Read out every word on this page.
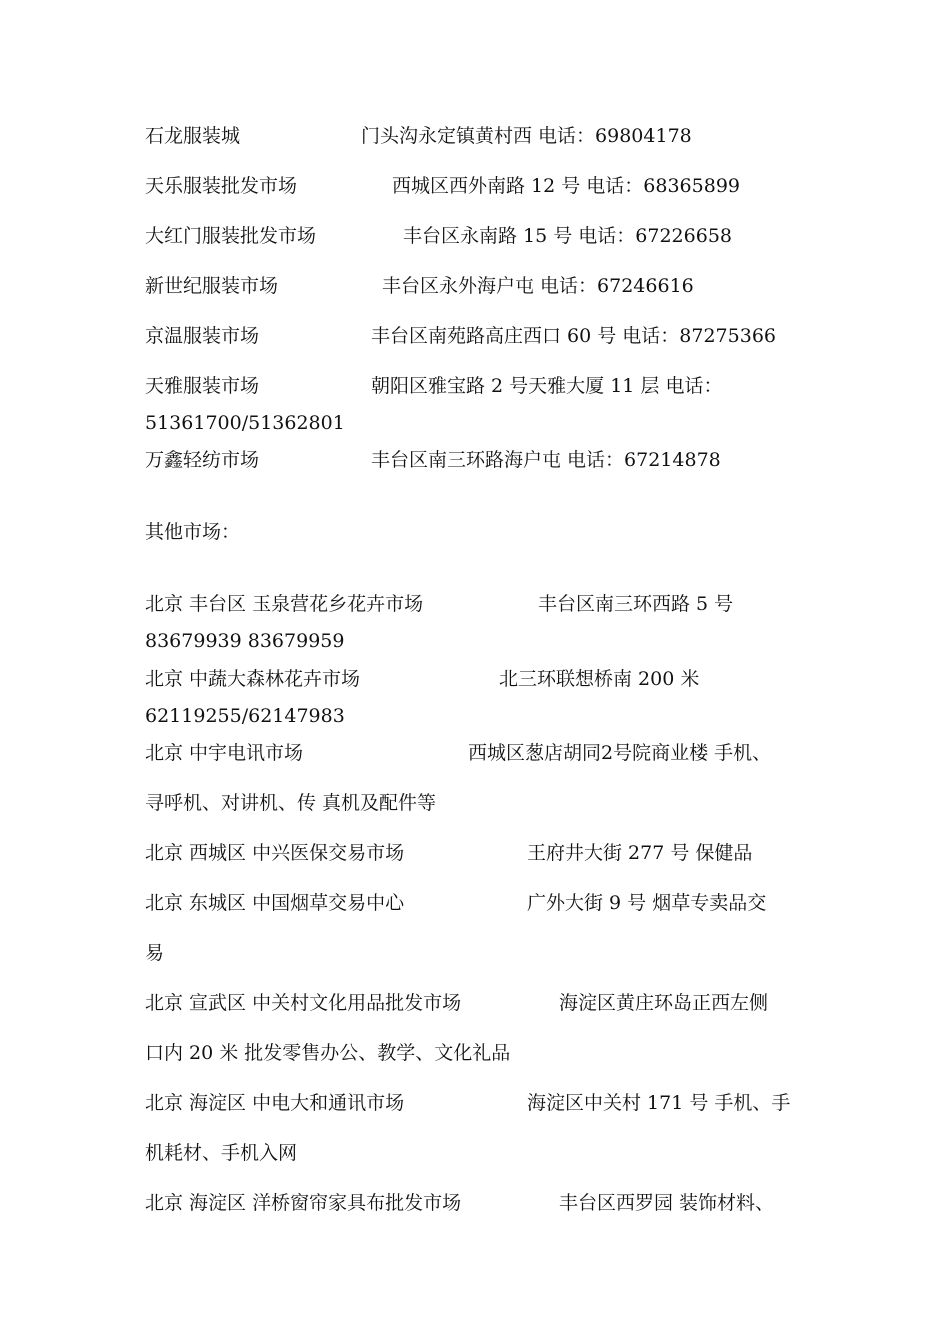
石龙服装城	门头沟永定镇黄村西 电话：69804178
天乐服装批发市场	西城区西外南路 12 号 电话：68365899
大红门服装批发市场	丰台区永南路 15 号 电话：67226658
新世纪服装市场	丰台区永外海户屯 电话：67246616
京温服装市场	丰台区南苑路高庄西口 60 号 电话：87275366
天雅服装市场	朝阳区雅宝路 2 号天雅大厦 11 层 电话：
51361700/51362801
万鑫轻纺市场	丰台区南三环路海户屯 电话：67214878
其他市场：
北京 丰台区 玉泉营花乡花卉市场	丰台区南三环西路 5 号
83679939 83679959
北京 中蔬大森林花卉市场	北三环联想桥南 200 米
62119255/62147983
北京 中宇电讯市场	西城区葱店胡同2号院商业楼 手机、
寻呼机、对讲机、传 真机及配件等
北京 西城区 中兴医保交易市场	王府井大街 277 号 保健品
北京 东城区 中国烟草交易中心	广外大街 9 号 烟草专卖品交
易
北京 宣武区 中关村文化用品批发市场	海淀区黄庄环岛正西左侧
口内 20 米 批发零售办公、教学、文化礼品
北京 海淀区 中电大和通讯市场	海淀区中关村 171 号 手机、手
机耗材、手机入网
北京 海淀区 洋桥窗帘家具布批发市场	丰台区西罗园 装饰材料、
